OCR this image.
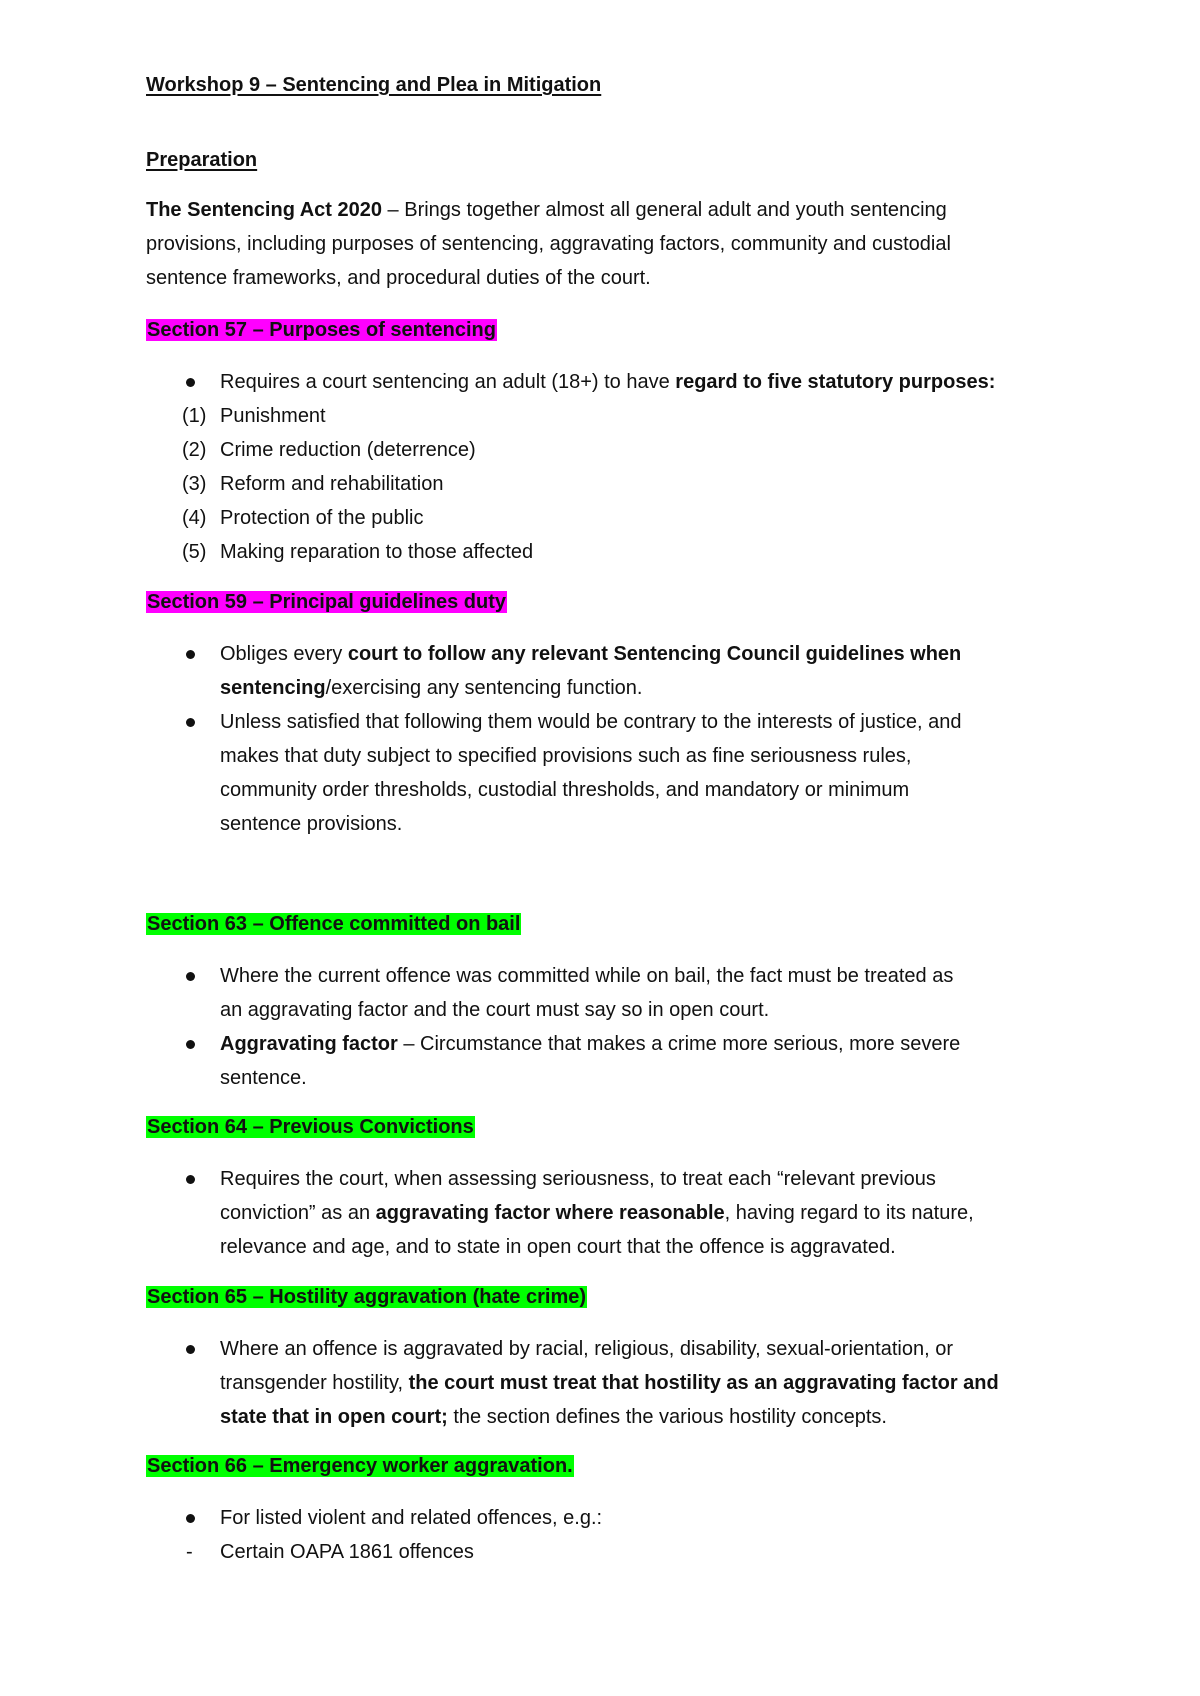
Workshop 9 – Sentencing and Plea in Mitigation
Preparation
The Sentencing Act 2020 – Brings together almost all general adult and youth sentencing
provisions, including purposes of sentencing, aggravating factors, community and custodial
sentence frameworks, and procedural duties of the court.
Section 57 – Purposes of sentencing
Requires a court sentencing an adult (18+) to have regard to five statutory purposes:
(1) Punishment
(2) Crime reduction (deterrence)
(3) Reform and rehabilitation
(4) Protection of the public
(5) Making reparation to those affected
Section 59 – Principal guidelines duty
Obliges every court to follow any relevant Sentencing Council guidelines when
sentencing/exercising any sentencing function.
Unless satisfied that following them would be contrary to the interests of justice, and
makes that duty subject to specified provisions such as fine seriousness rules,
community order thresholds, custodial thresholds, and mandatory or minimum
sentence provisions.
Section 63 – Offence committed on bail
Where the current offence was committed while on bail, the fact must be treated as
an aggravating factor and the court must say so in open court.
Aggravating factor – Circumstance that makes a crime more serious, more severe
sentence.
Section 64 – Previous Convictions
Requires the court, when assessing seriousness, to treat each “relevant previous
conviction” as an aggravating factor where reasonable, having regard to its nature,
relevance and age, and to state in open court that the offence is aggravated.
Section 65 – Hostility aggravation (hate crime)
Where an offence is aggravated by racial, religious, disability, sexual-orientation, or
transgender hostility, the court must treat that hostility as an aggravating factor and
state that in open court; the section defines the various hostility concepts.
Section 66 – Emergency worker aggravation.
For listed violent and related offences, e.g.:
- Certain OAPA 1861 offences
